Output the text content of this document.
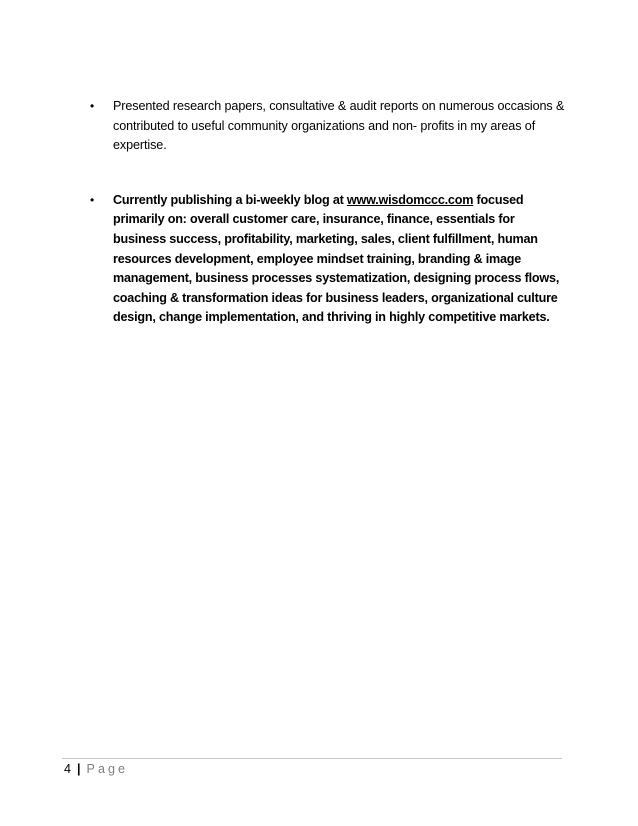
• Presented research papers, consultative & audit reports on numerous occasions & contributed to useful community organizations and non- profits in my areas of expertise.
• Currently publishing a bi-weekly blog at www.wisdomccc.com focused primarily on: overall customer care, insurance, finance, essentials for business success, profitability, marketing, sales, client fulfillment, human resources development, employee mindset training, branding & image management, business processes systematization, designing process flows, coaching & transformation ideas for business leaders, organizational culture design, change implementation, and thriving in highly competitive markets.
4 | Page
